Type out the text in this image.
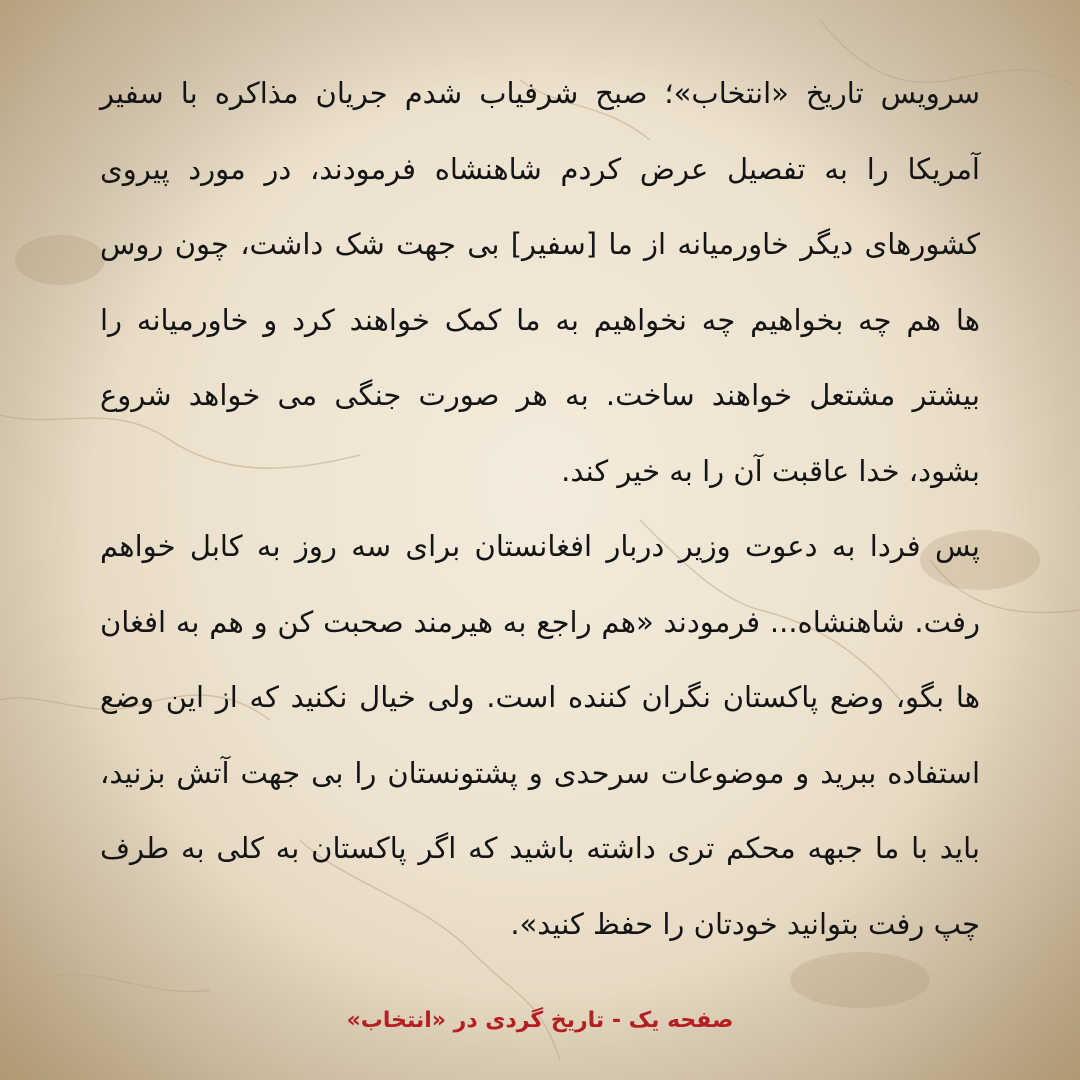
سرویس تاریخ «انتخاب»؛ صبح شرفیاب شدم جریان مذاکره با سفیر آمریکا را به تفصیل عرض کردم شاهنشاه فرمودند، در مورد پیروی کشورهای دیگر خاورمیانه از ما [سفیر] بی جهت شک داشت، چون روس ها هم چه بخواهیم چه نخواهیم به ما کمک خواهند کرد و خاورمیانه را بیشتر مشتعل خواهند ساخت. به هر صورت جنگی می خواهد شروع بشود، خدا عاقبت آن را به خیر کند.

پس فردا به دعوت وزیر دربار افغانستان برای سه روز به کابل خواهم رفت. شاهنشاه... فرمودند «هم راجع به هیرمند صحبت کن و هم به افغان ها بگو، وضع پاکستان نگران کننده است. ولی خیال نکنید که از این وضع استفاده ببرید و موضوعات سرحدی و پشتونستان را بی جهت آتش بزنید، باید با ما جبهه محکم تری داشته باشید که اگر پاکستان به کلی به طرف چپ رفت بتوانید خودتان را حفظ کنید».

صفحه یک - تاریخ گردی در «انتخاب»
